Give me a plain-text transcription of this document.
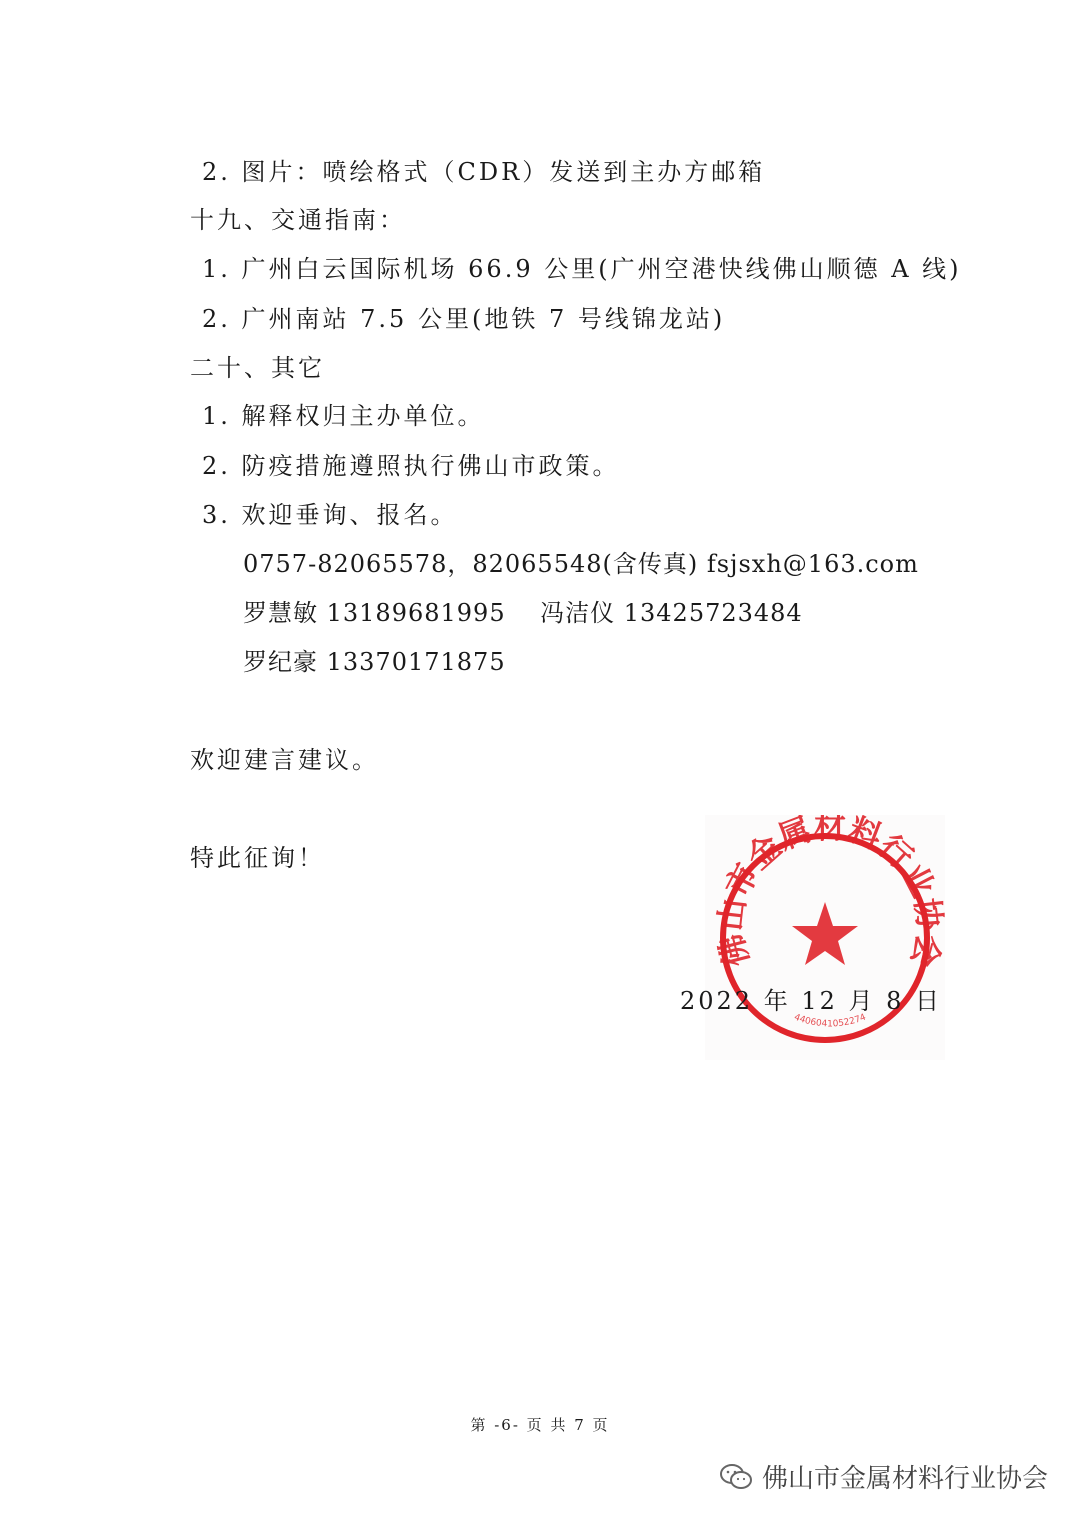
2. 图片：喷绘格式（CDR）发送到主办方邮箱
十九、交通指南：
1. 广州白云国际机场 66.9 公里(广州空港快线佛山顺德 A 线)
2. 广州南站 7.5 公里(地铁 7 号线锦龙站)
二十、其它
1. 解释权归主办单位。
2. 防疫措施遵照执行佛山市政策。
3. 欢迎垂询、报名。
0757-82065578，82065548(含传真) fsjsxh@163.com
罗慧敏 13189681995    冯洁仪 13425723484
罗纪豪 13370171875
欢迎建言建议。
特此征询！
佛山市金属材料行业协会
4406041052274
2022 年 12 月 8 日
第 -6- 页 共 7 页
佛山市金属材料行业协会
